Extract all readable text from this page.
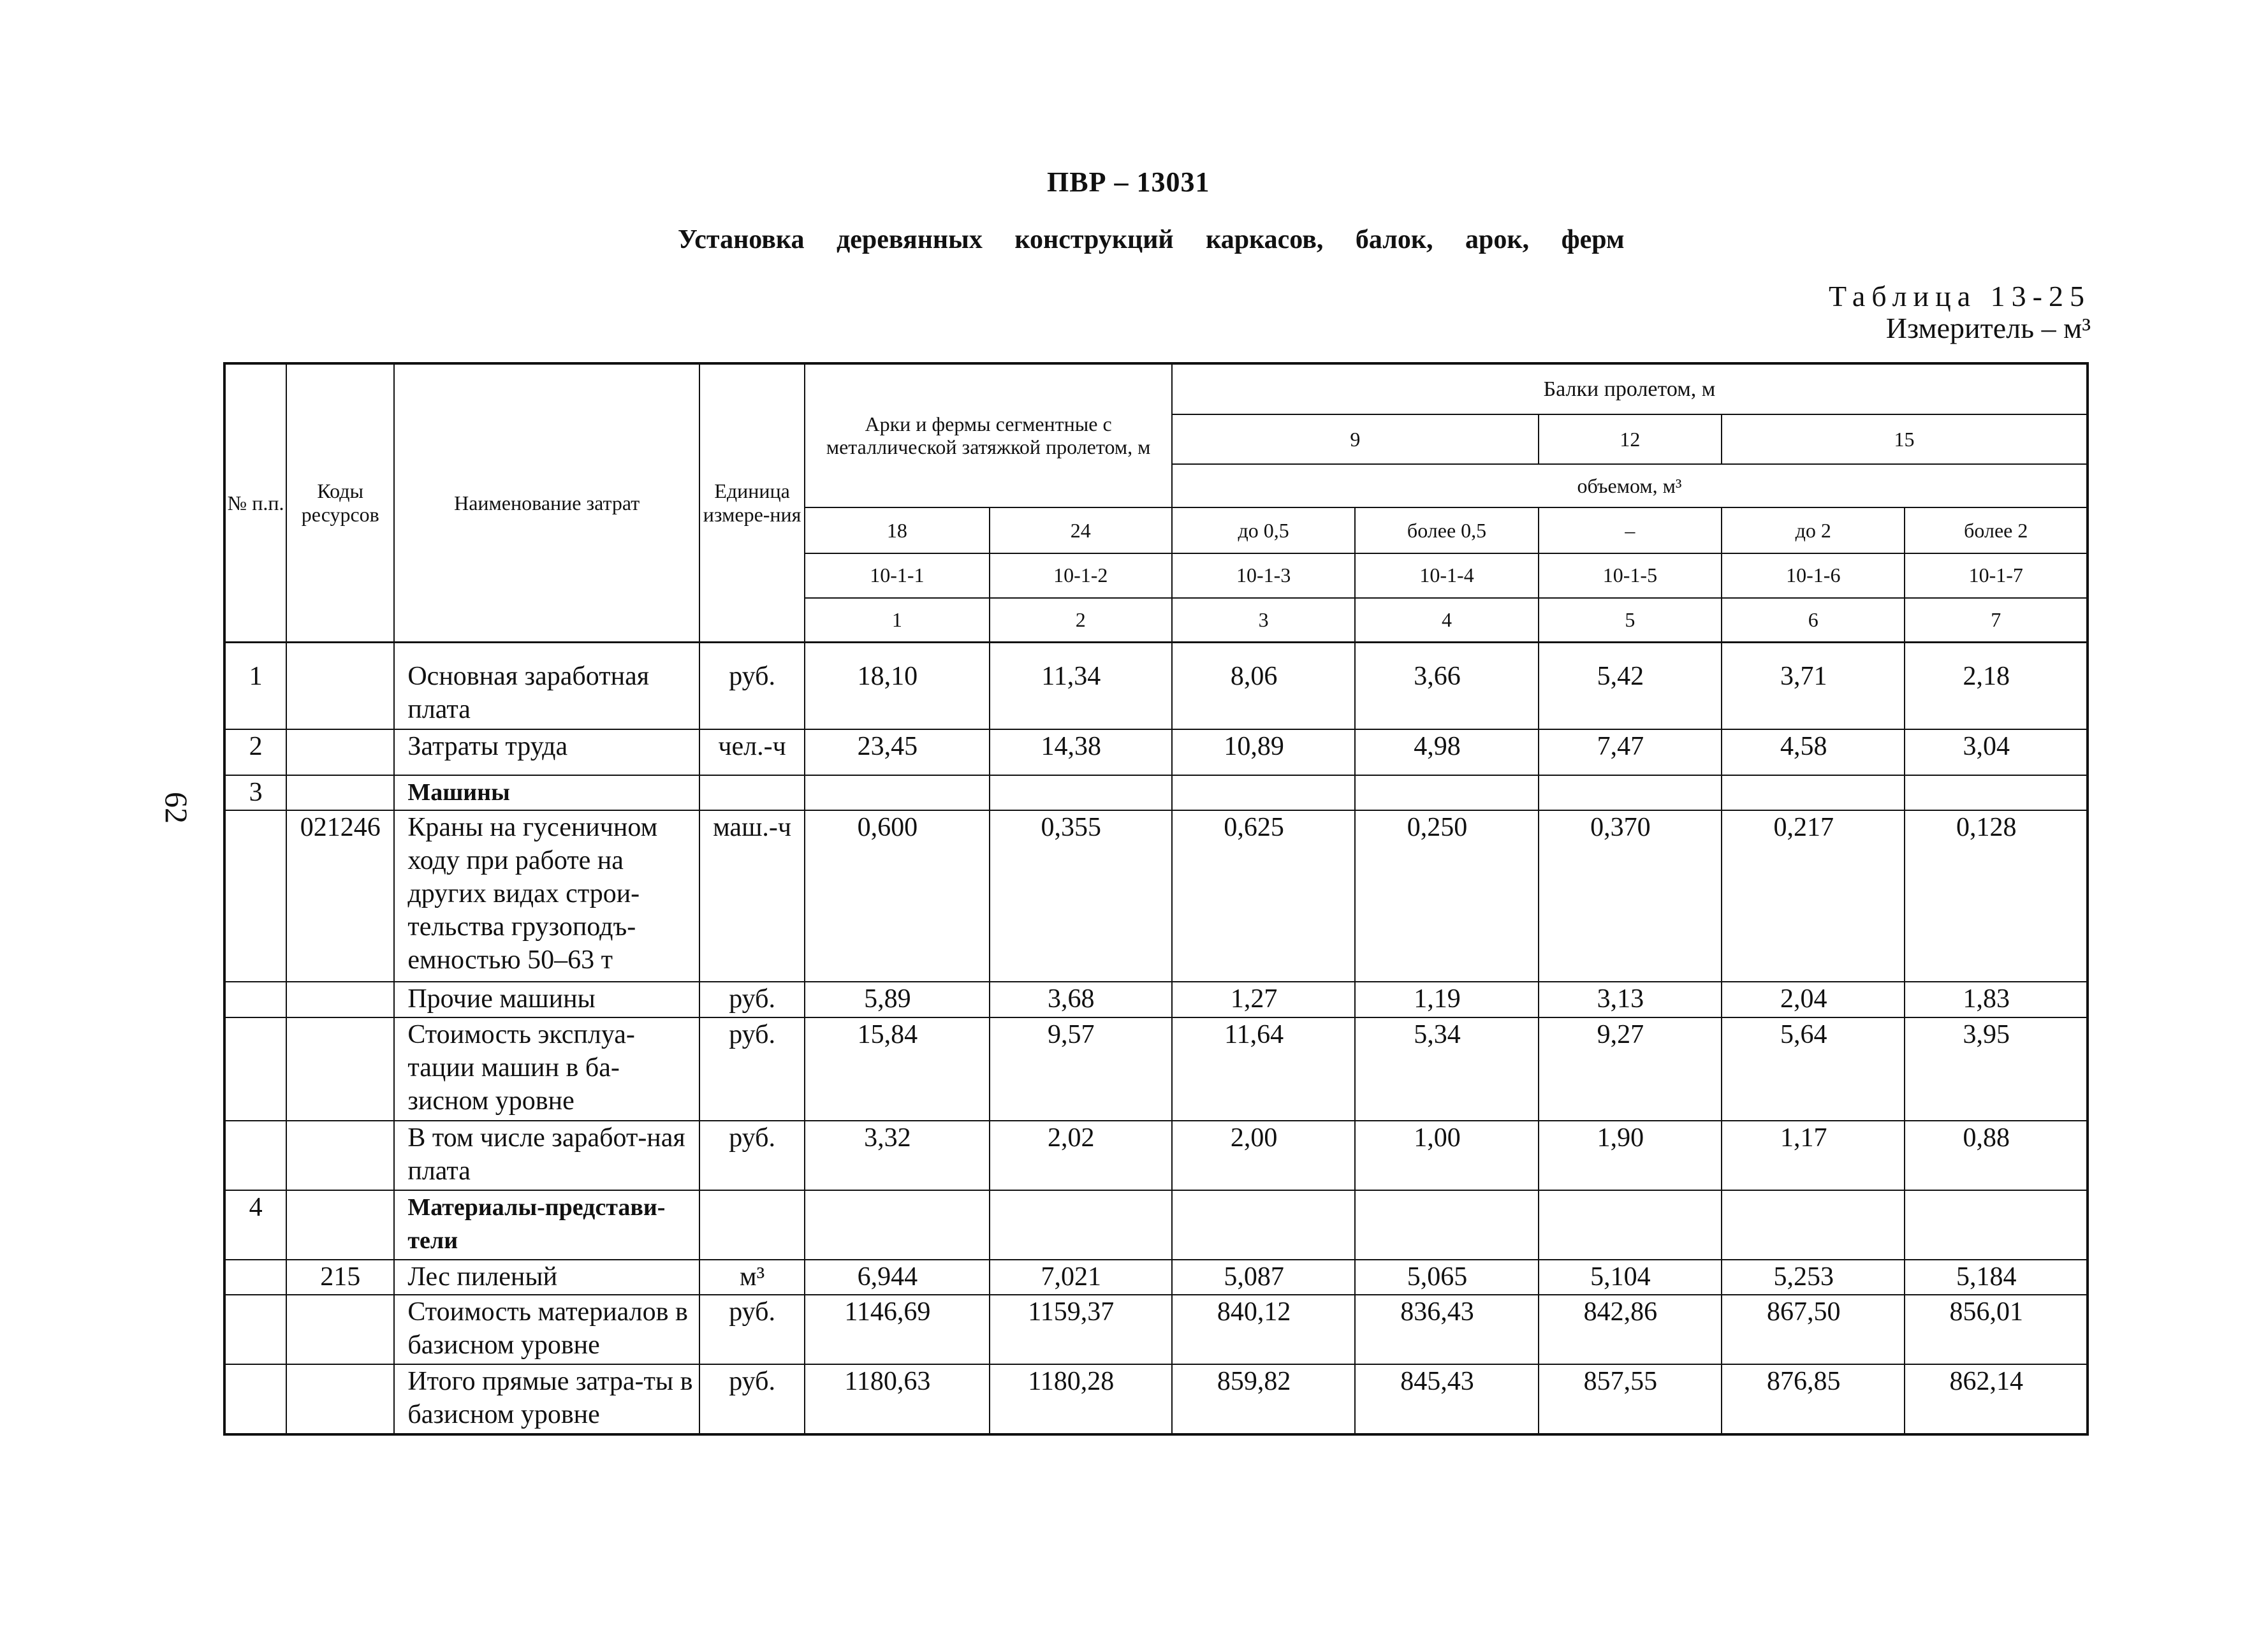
ПВР – 13031
Установка деревянных конструкций каркасов, балок, арок, ферм
Таблица 13-25
Измеритель – м³
62
№ п.п.	Коды ресурсов	Наименование затрат	Единица измере-ния	Арки и фермы сегментные с металлической затяжкой пролетом, м		Балки пролетом, м				
						9		12	15	
						объемом, м³				
				18	24	до 0,5	более 0,5	–	до 2	более 2
				10-1-1	10-1-2	10-1-3	10-1-4	10-1-5	10-1-6	10-1-7
				1	2	3	4	5	6	7
1		Основная заработная плата	руб.	18,10	11,34	8,06	3,66	5,42	3,71	2,18
2		Затраты труда	чел.-ч	23,45	14,38	10,89	4,98	7,47	4,58	3,04
3		Машины								
	021246	Краны на гусеничном ходу при работе на других видах строи-тельства грузоподъ-емностью 50–63 т	маш.-ч	0,600	0,355	0,625	0,250	0,370	0,217	0,128
		Прочие машины	руб.	5,89	3,68	1,27	1,19	3,13	2,04	1,83
		Стоимость эксплуа-тации машин в ба-зисном уровне	руб.	15,84	9,57	11,64	5,34	9,27	5,64	3,95
		В том числе заработ-ная плата	руб.	3,32	2,02	2,00	1,00	1,90	1,17	0,88
4		Материалы-представи-тели								
	215	Лес пиленый	м³	6,944	7,021	5,087	5,065	5,104	5,253	5,184
		Стоимость материалов в базисном уровне	руб.	1146,69	1159,37	840,12	836,43	842,86	867,50	856,01
		Итого прямые затра-ты в базисном уровне	руб.	1180,63	1180,28	859,82	845,43	857,55	876,85	862,14
